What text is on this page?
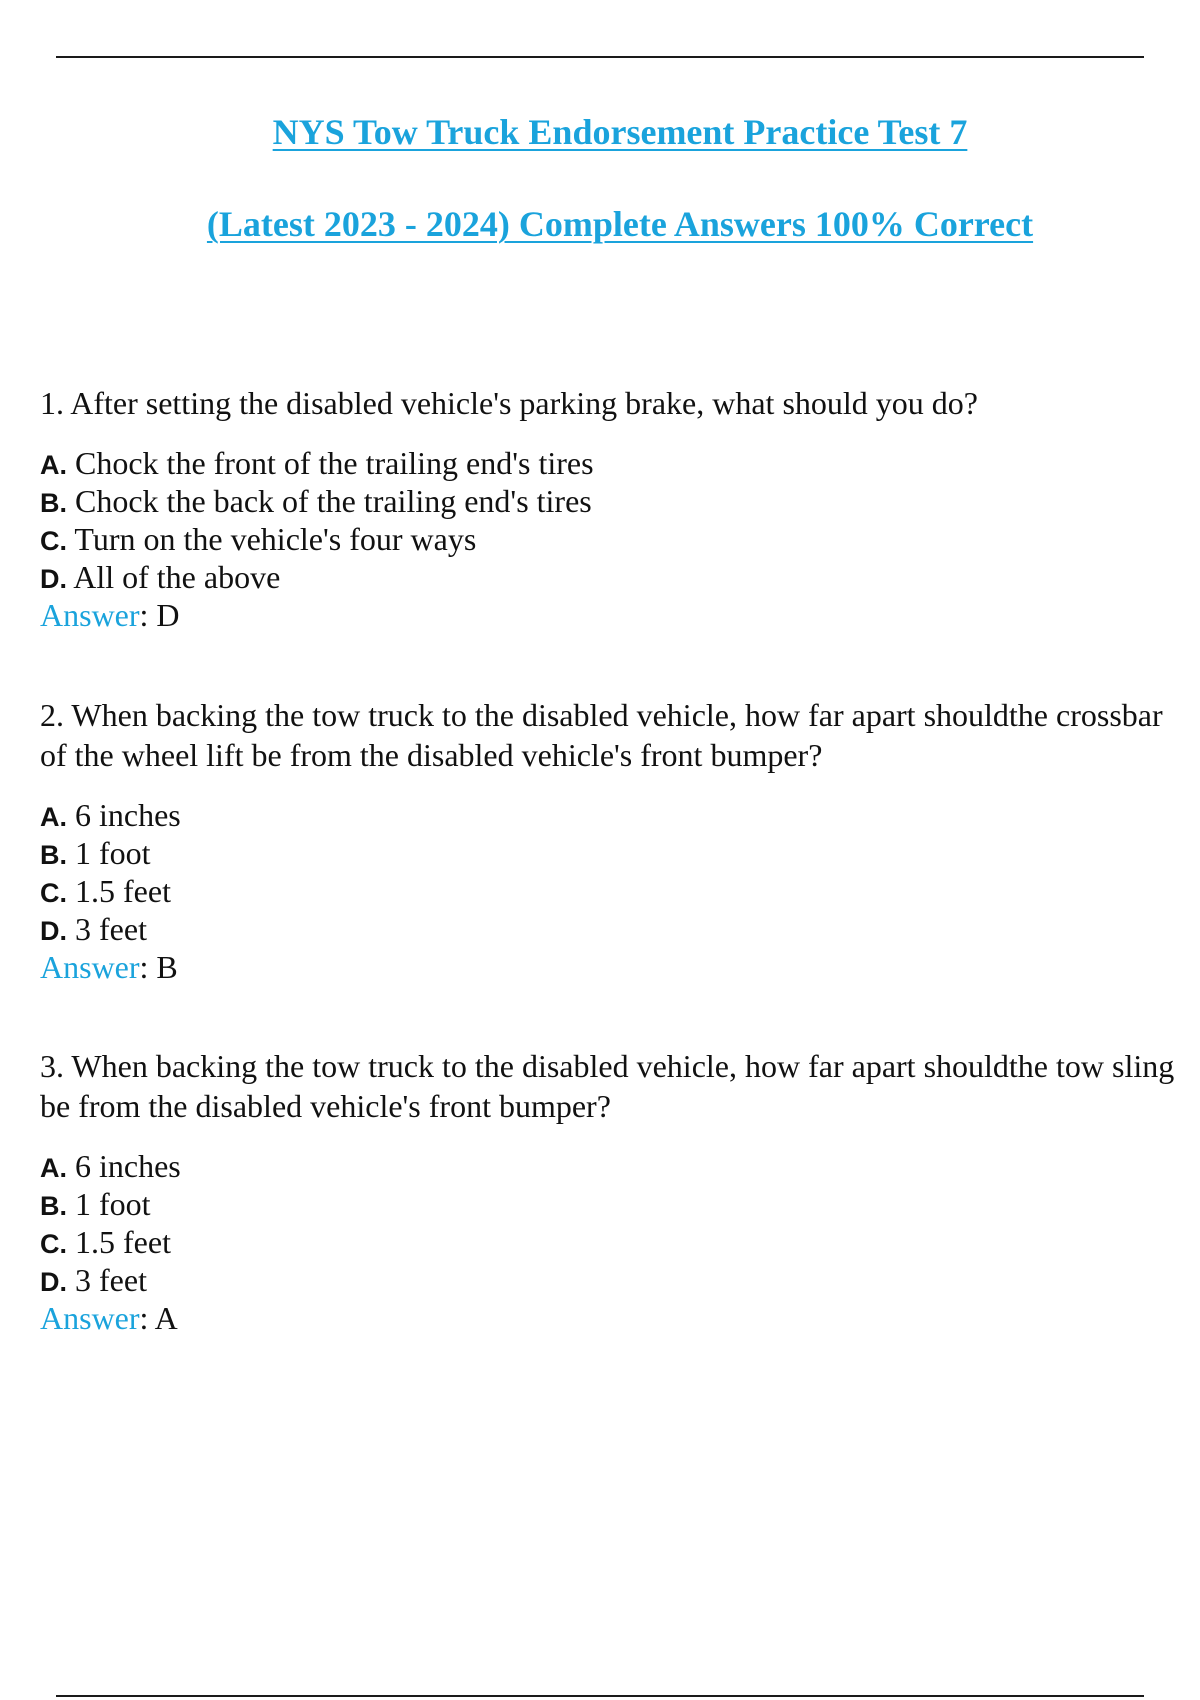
NYS Tow Truck Endorsement Practice Test 7
(Latest 2023 - 2024) Complete Answers 100% Correct
1. After setting the disabled vehicle's parking brake, what should you do?
A. Chock the front of the trailing end's tires
B. Chock the back of the trailing end's tires
C. Turn on the vehicle's four ways
D. All of the above
Answer: D
2. When backing the tow truck to the disabled vehicle, how far apart shouldthe crossbar of the wheel lift be from the disabled vehicle's front bumper?
A. 6 inches
B. 1 foot
C. 1.5 feet
D. 3 feet
Answer: B
3. When backing the tow truck to the disabled vehicle, how far apart shouldthe tow sling be from the disabled vehicle's front bumper?
A. 6 inches
B. 1 foot
C. 1.5 feet
D. 3 feet
Answer: A
